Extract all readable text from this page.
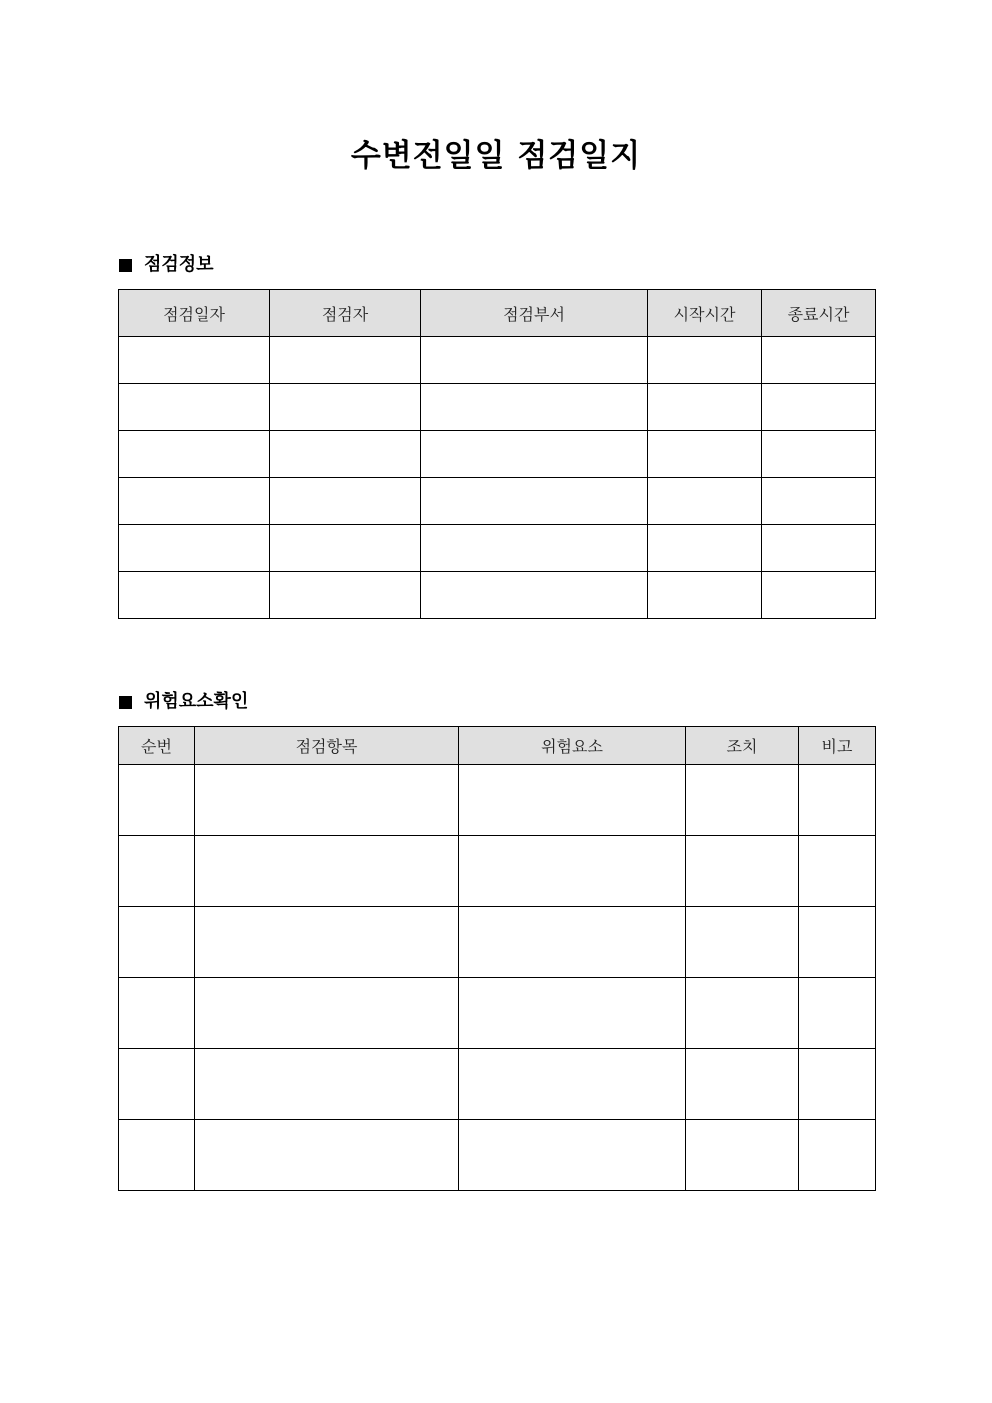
수변전일일 점검일지
점검정보
점검일자	점검자	점검부서	시작시간	종료시간

위험요소확인
순번	점검항목	위험요소	조치	비고
